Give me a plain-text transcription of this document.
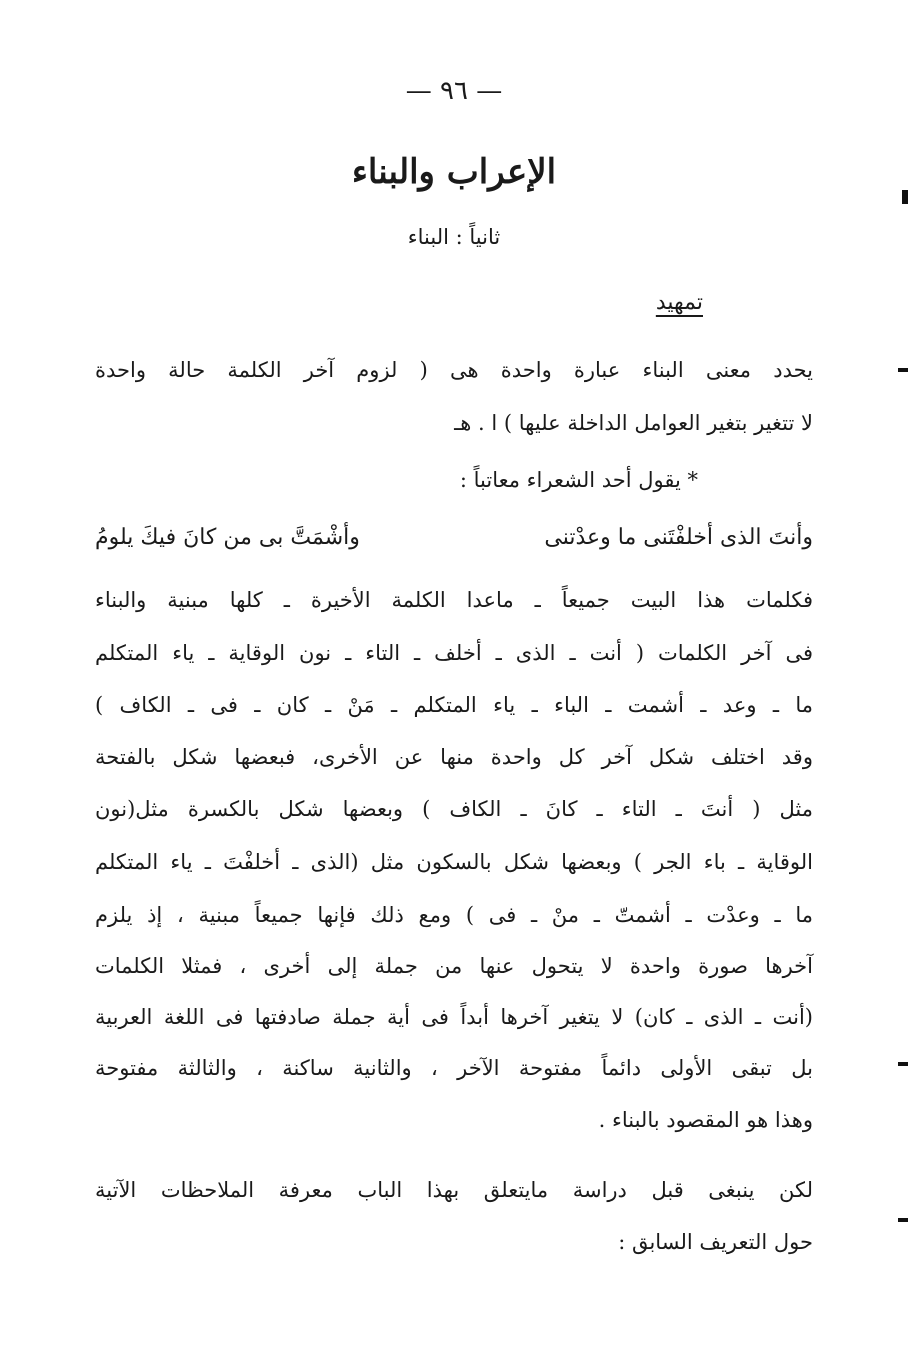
— ٩٦ —
الإعراب والبناء
ثانياً : البناء
تمهيد
يحدد معنى البناء عبارة واحدة هى ( لزوم آخر الكلمة حالة واحدة
لا تتغير بتغير العوامل الداخلة عليها ) ا . هـ
* يقول أحد الشعراء معاتباً :
وأنتَ الذى أخلفْتَنى ما وعدْتنى
وأشْمَتَّ بى من كانَ فيكَ يلومُ
فكلمات هذا البيت جميعاً ـ ماعدا الكلمة الأخيرة ـ كلها مبنية والبناء
فى آخر الكلمات ( أنت ـ الذى ـ أخلف ـ التاء ـ نون الوقاية ـ ياء المتكلم
ما ـ وعد ـ أشمت ـ الباء ـ ياء المتكلم ـ مَنْ ـ كان ـ فى ـ الكاف )
وقد اختلف شكل آخر كل واحدة منها عن الأخرى، فبعضها شكل بالفتحة
مثل ( أنتَ ـ التاء ـ كانَ ـ الكاف ) وبعضها شكل بالكسرة مثل(نون
الوقاية ـ باء الجر ) وبعضها شكل بالسكون مثل (الذى ـ أخلفْتَ ـ ياء المتكلم
ما ـ وعدْت ـ أشمتّ ـ منْ ـ فى ) ومع ذلك فإنها جميعاً مبنية ، إذ يلزم
آخرها صورة واحدة لا يتحول عنها من جملة إلى أخرى ، فمثلا الكلمات
(أنت ـ الذى ـ كان) لا يتغير آخرها أبداً فى أية جملة صادفتها فى اللغة العربية
بل تبقى الأولى دائماً مفتوحة الآخر ، والثانية ساكنة ، والثالثة مفتوحة
وهذا هو المقصود بالبناء .
لكن ينبغى قبل دراسة مايتعلق بهذا الباب معرفة الملاحظات الآتية
حول التعريف السابق :
